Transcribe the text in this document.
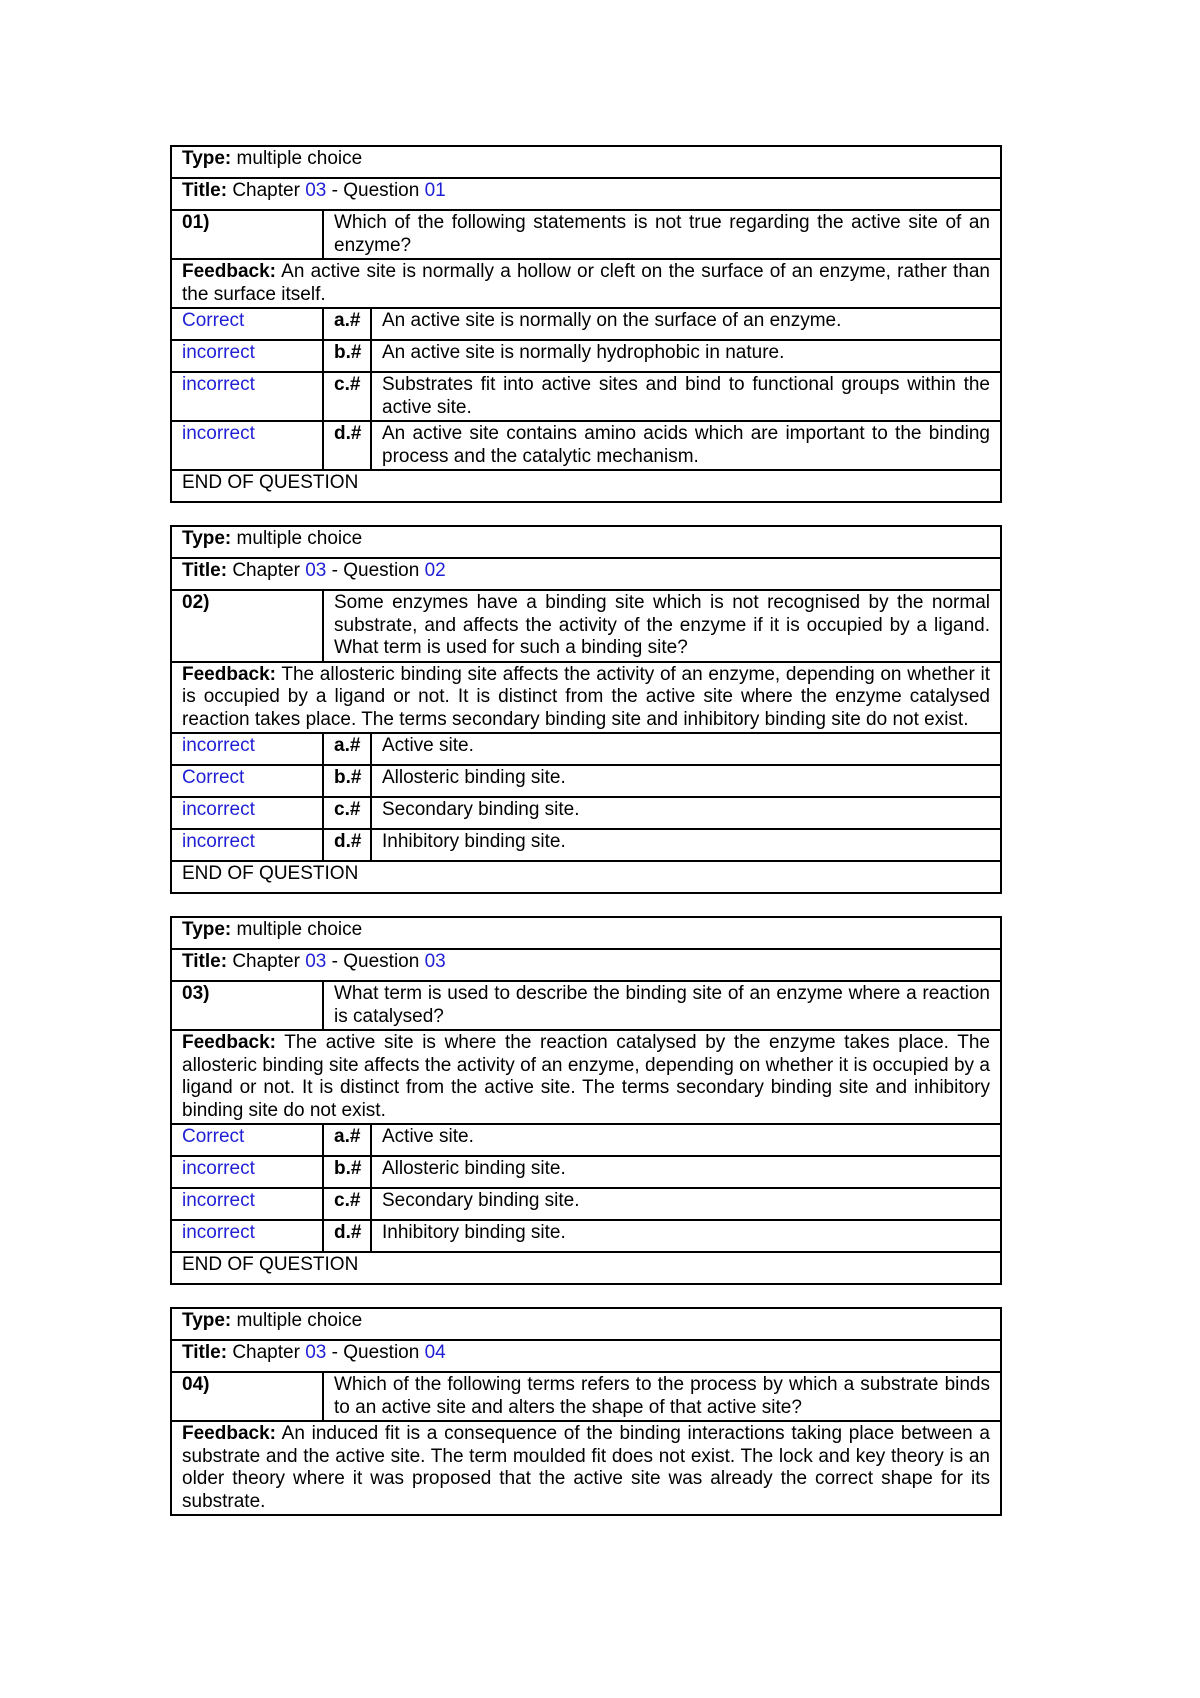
Type: multiple choice		
Title: Chapter 03 - Question 01		
01)	Which of the following statements is not true regarding the active site of an enzyme?	
Feedback: An active site is normally a hollow or cleft on the surface of an enzyme, rather than the surface itself.		
Correct	a.#	An active site is normally on the surface of an enzyme.
incorrect	b.#	An active site is normally hydrophobic in nature.
incorrect	c.#	Substrates fit into active sites and bind to functional groups within the active site.
incorrect	d.#	An active site contains amino acids which are important to the binding process and the catalytic mechanism.
END OF QUESTION		
Type: multiple choice		
Title: Chapter 03 - Question 02		
02)	Some enzymes have a binding site which is not recognised by the normal substrate, and affects the activity of the enzyme if it is occupied by a ligand. What term is used for such a binding site?	
Feedback: The allosteric binding site affects the activity of an enzyme, depending on whether it is occupied by a ligand or not. It is distinct from the active site where the enzyme catalysed reaction takes place. The terms secondary binding site and inhibitory binding site do not exist.		
incorrect	a.#	Active site.
Correct	b.#	Allosteric binding site.
incorrect	c.#	Secondary binding site.
incorrect	d.#	Inhibitory binding site.
END OF QUESTION		
Type: multiple choice		
Title: Chapter 03 - Question 03		
03)	What term is used to describe the binding site of an enzyme where a reaction is catalysed?	
Feedback: The active site is where the reaction catalysed by the enzyme takes place. The allosteric binding site affects the activity of an enzyme, depending on whether it is occupied by a ligand or not. It is distinct from the active site. The terms secondary binding site and inhibitory binding site do not exist.		
Correct	a.#	Active site.
incorrect	b.#	Allosteric binding site.
incorrect	c.#	Secondary binding site.
incorrect	d.#	Inhibitory binding site.
END OF QUESTION		
Type: multiple choice
Title: Chapter 03 - Question 04
04)	Which of the following terms refers to the process by which a substrate binds to an active site and alters the shape of that active site?
Feedback: An induced fit is a consequence of the binding interactions taking place between a substrate and the active site. The term moulded fit does not exist. The lock and key theory is an older theory where it was proposed that the active site was already the correct shape for its substrate.
